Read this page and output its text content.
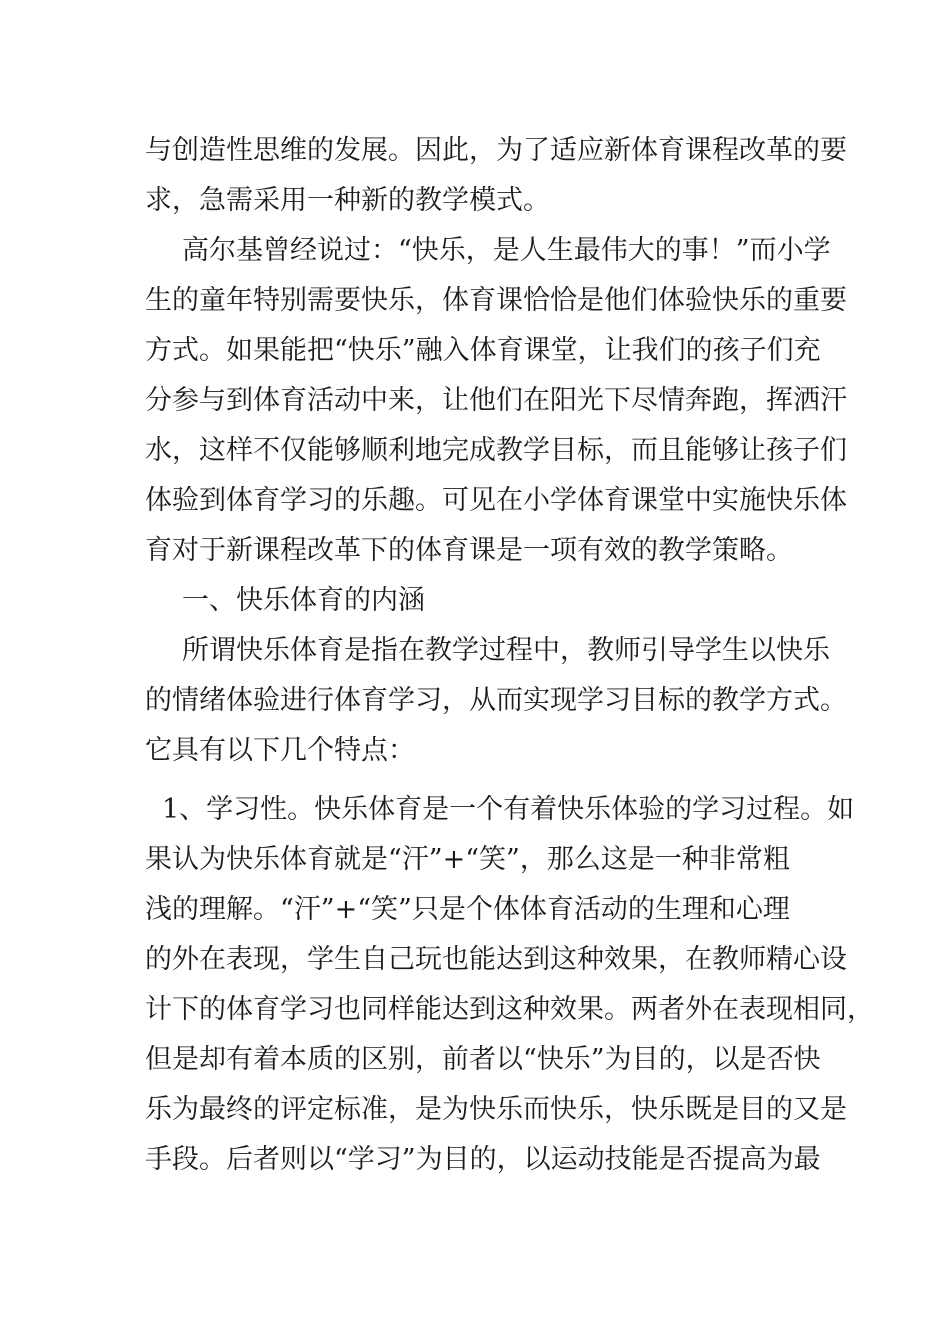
与创造性思维的发展。因此，为了适应新体育课程改革的要
求，急需采用一种新的教学模式。
高尔基曾经说过：“快乐，是人生最伟大的事！”而小学
生的童年特别需要快乐，体育课恰恰是他们体验快乐的重要
方式。如果能把“快乐”融入体育课堂，让我们的孩子们充
分参与到体育活动中来，让他们在阳光下尽情奔跑，挥洒汗
水，这样不仅能够顺利地完成教学目标，而且能够让孩子们
体验到体育学习的乐趣。可见在小学体育课堂中实施快乐体
育对于新课程改革下的体育课是一项有效的教学策略。
一、快乐体育的内涵
所谓快乐体育是指在教学过程中，教师引导学生以快乐
的情绪体验进行体育学习，从而实现学习目标的教学方式。
它具有以下几个特点：
1、学习性。快乐体育是一个有着快乐体验的学习过程。如
果认为快乐体育就是“汗”+“笑”，那么这是一种非常粗
浅的理解。“汗”+“笑”只是个体体育活动的生理和心理
的外在表现，学生自己玩也能达到这种效果，在教师精心设
计下的体育学习也同样能达到这种效果。两者外在表现相同，
但是却有着本质的区别，前者以“快乐”为目的，以是否快
乐为最终的评定标准，是为快乐而快乐，快乐既是目的又是
手段。后者则以“学习”为目的，以运动技能是否提高为最
